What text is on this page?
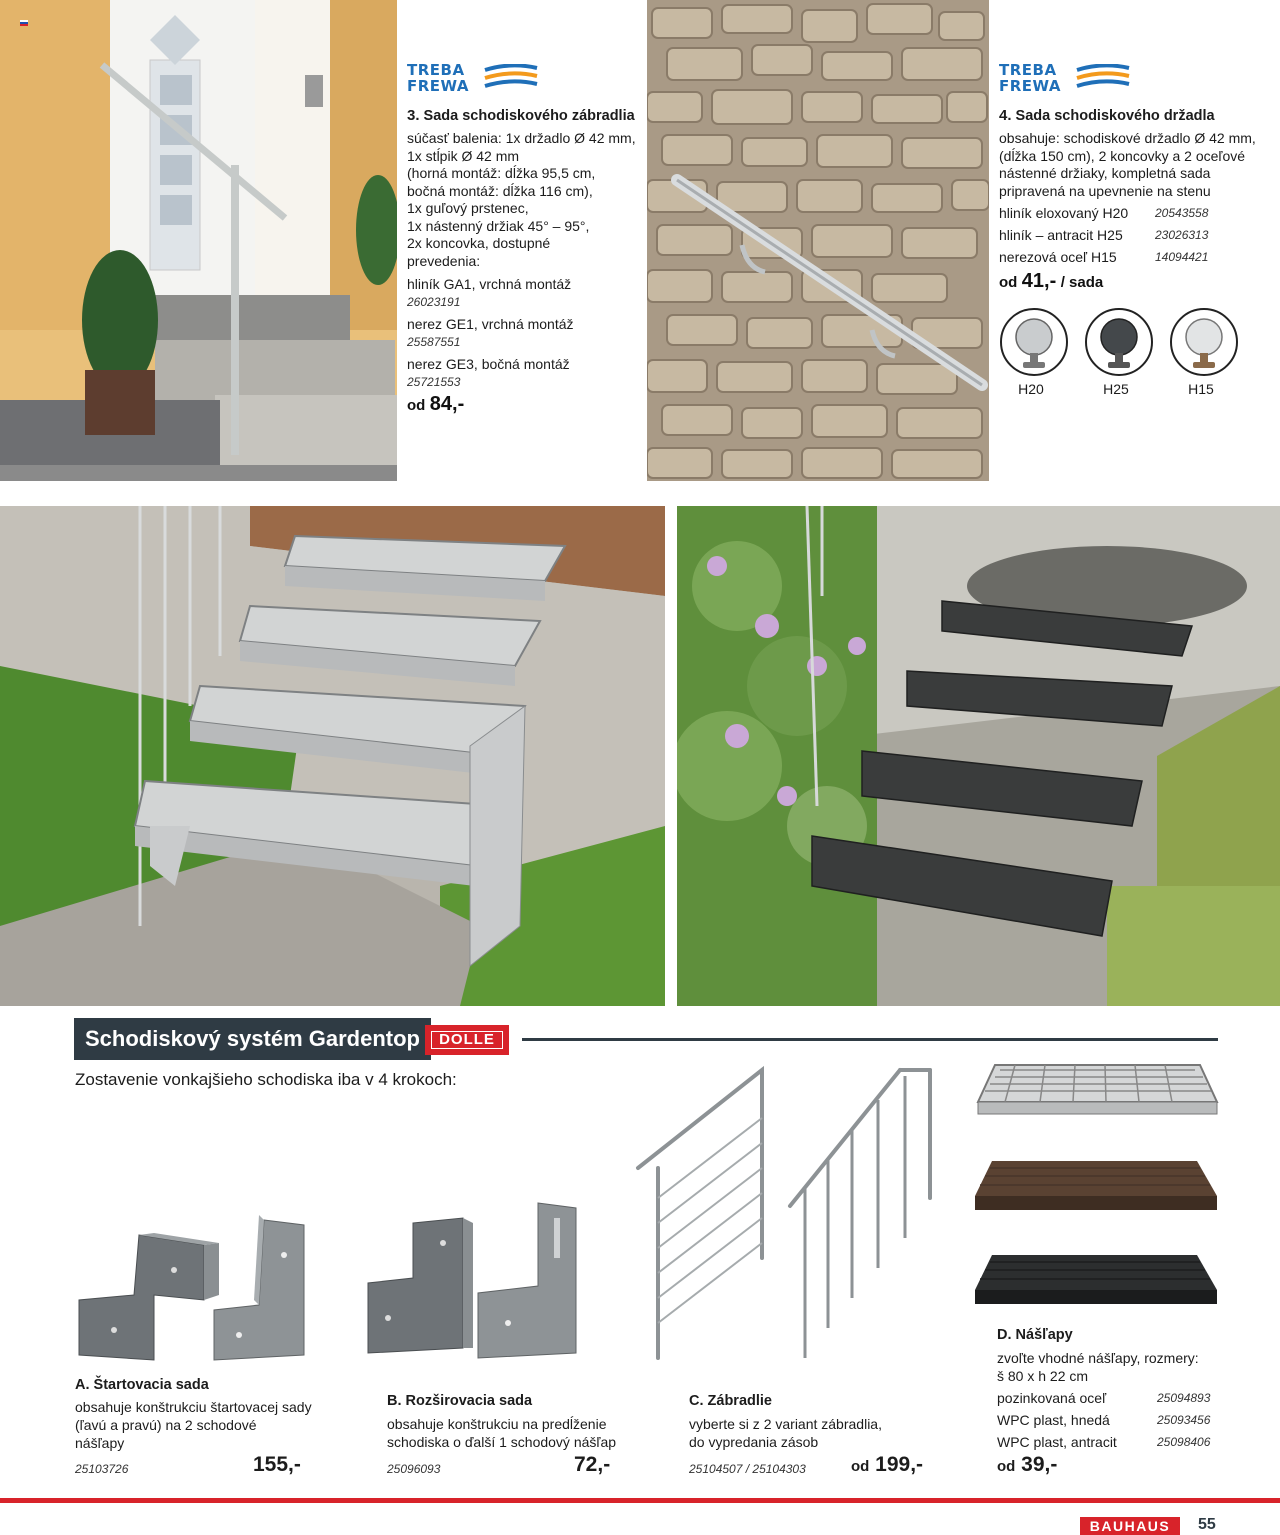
TREBA
FREWA
3. Sada schodiskového zábradlia
súčasť balenia: 1x držadlo Ø 42 mm,
1x stĺpik Ø 42 mm
(horná montáž: dĺžka 95,5 cm,
bočná montáž: dĺžka 116 cm),
1x guľový prstenec,
1x nástenný držiak 45° – 95°,
2x koncovka, dostupné
prevedenia:
hliník GA1, vrchná montáž
26023191
nerez GE1, vrchná montáž
25587551
nerez GE3, bočná montáž
25721553
od 84,-
TREBA
FREWA
4. Sada schodiskového držadla
obsahuje: schodiskové držadlo Ø 42 mm,
(dĺžka 150 cm), 2 koncovky a 2 oceľové
nástenné držiaky, kompletná sada
pripravená na upevnenie na stenu
hliník eloxovaný H20	20543558
hliník – antracit H25	23026313
nerezová oceľ H15	14094421
od 41,- / sada
H20	H25	H15
Schodiskový systém Gardentop	DOLLE
Zostavenie vonkajšieho schodiska iba v 4 krokoch:
A. Štartovacia sada
obsahuje konštrukciu štartovacej sady
(ľavú a pravú) na 2 schodové
nášľapy
25103726	155,-
B. Rozširovacia sada
obsahuje konštrukciu na predĺženie
schodiska o ďalší 1 schodový nášľap
25096093	72,-
C. Zábradlie
vyberte si z 2 variant zábradlia,
do vypredania zásob
25104507 / 25104303	od 199,-
D. Nášľapy
zvoľte vhodné nášľapy, rozmery:
š 80 x h 22 cm
pozinkovaná oceľ	25094893
WPC plast, hnedá	25093456
WPC plast, antracit	25098406
od 39,-
BAUHAUS	55
